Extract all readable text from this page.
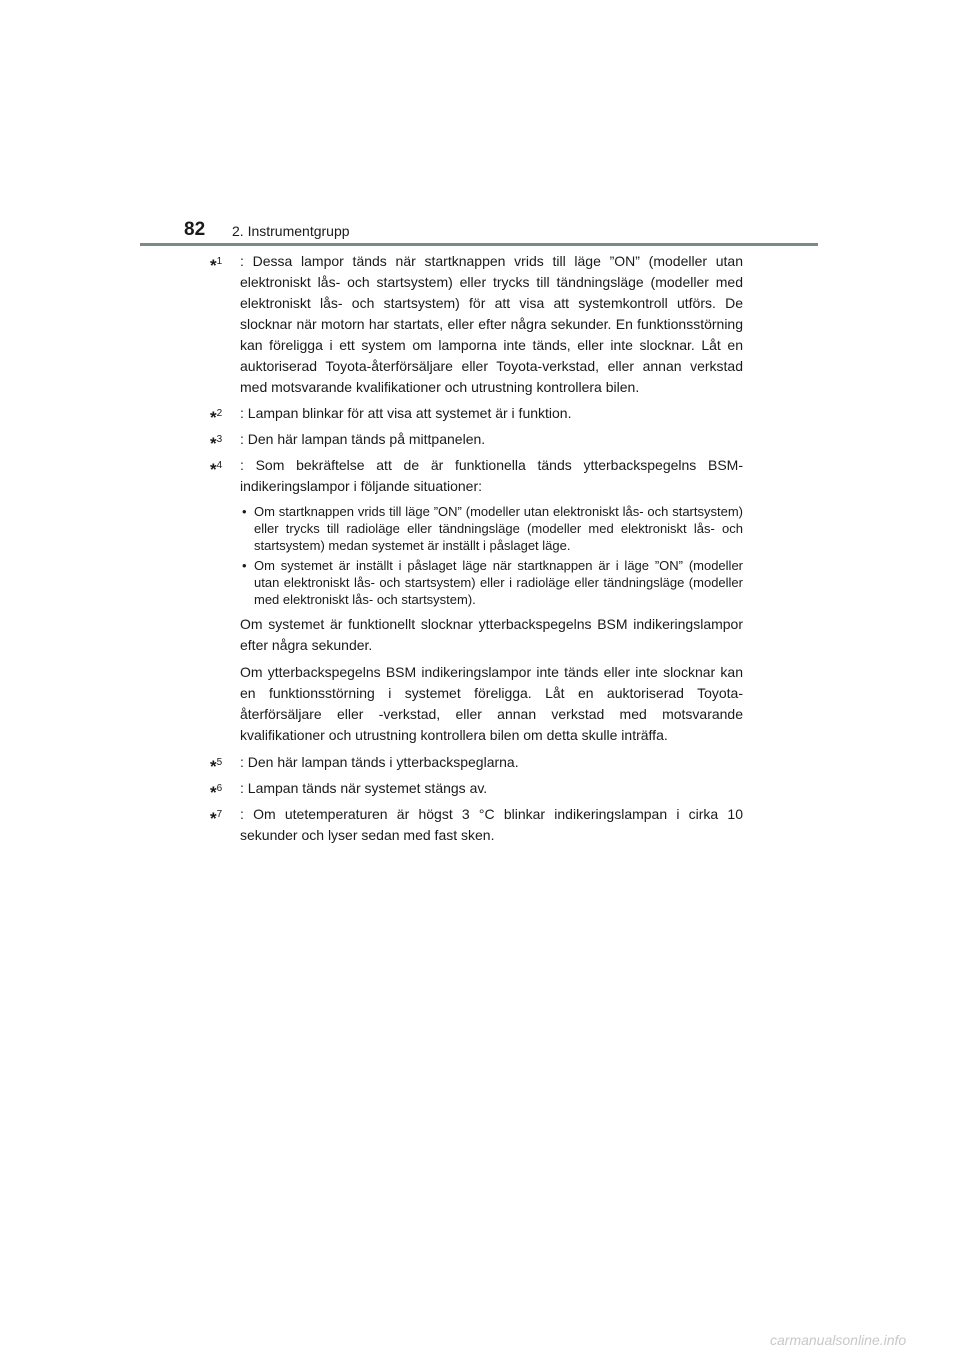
82 2. Instrumentgrupp
*$^1$ : Dessa lampor tänds när startknappen vrids till läge ”ON” (modeller utan elektroniskt lås- och startsystem) eller trycks till tändningsläge (modeller med elektroniskt lås- och startsystem) för att visa att systemkontroll utförs. De slocknar när motorn har startats, eller efter några sekunder. En funktionsstörning kan föreligga i ett system om lamporna inte tänds, eller inte slocknar. Låt en auktoriserad Toyota-återförsäljare eller Toyota-verkstad, eller annan verkstad med motsvarande kvalifikationer och utrustning kontrollera bilen.
*$^2$ : Lampan blinkar för att visa att systemet är i funktion.
*$^3$ : Den här lampan tänds på mittpanelen.
*$^4$ : Som bekräftelse att de är funktionella tänds ytterbackspegelns BSM-indikeringslampor i följande situationer:
• Om startknappen vrids till läge ”ON” (modeller utan elektroniskt lås- och startsystem) eller trycks till radioläge eller tändningsläge (modeller med elektroniskt lås- och startsystem) medan systemet är inställt i påslaget läge.
• Om systemet är inställt i påslaget läge när startknappen är i läge ”ON” (modeller utan elektroniskt lås- och startsystem) eller i radioläge eller tändningsläge (modeller med elektroniskt lås- och startsystem).
Om systemet är funktionellt slocknar ytterbackspegelns BSM indikeringslampor efter några sekunder.
Om ytterbackspegelns BSM indikeringslampor inte tänds eller inte slocknar kan en funktionsstörning i systemet föreligga. Låt en auktoriserad Toyota-återförsäljare eller -verkstad, eller annan verkstad med motsvarande kvalifikationer och utrustning kontrollera bilen om detta skulle inträffa.
*$^5$ : Den här lampan tänds i ytterbackspeglarna.
*$^6$ : Lampan tänds när systemet stängs av.
*$^7$ : Om utetemperaturen är högst 3 °C blinkar indikeringslampan i cirka 10 sekunder och lyser sedan med fast sken.
carmanualsonline.info
